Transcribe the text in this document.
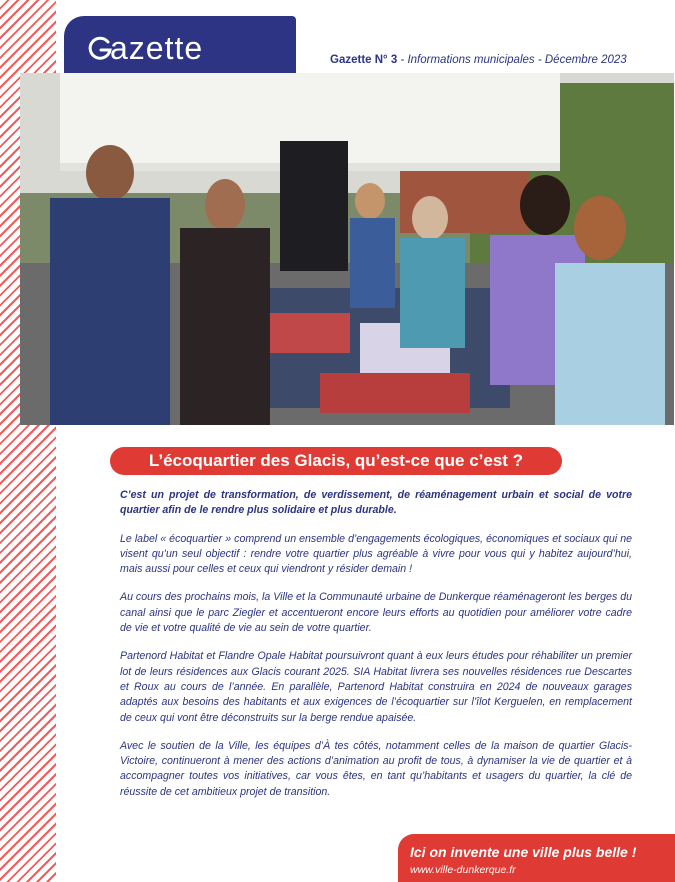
azette	Gazette N° 3 - Informations municipales - Décembre 2023
L’écoquartier des Glacis, qu’est-ce que c’est ?

C’est un projet de transformation, de verdissement, de réaménagement urbain et social de votre quartier afin de le rendre plus solidaire et plus durable.

Le label « écoquartier » comprend un ensemble d’engagements écologiques, économiques et sociaux qui ne visent qu’un seul objectif : rendre votre quartier plus agréable à vivre pour vous qui y habitez aujourd’hui, mais aussi pour celles et ceux qui viendront y résider demain !

Au cours des prochains mois, la Ville et la Communauté urbaine de Dunkerque réaménageront les berges du canal ainsi que le parc Ziegler et accentueront encore leurs efforts au quotidien pour améliorer votre cadre de vie et votre qualité de vie au sein de votre quartier.

Partenord Habitat et Flandre Opale Habitat poursuivront quant à eux leurs études pour réhabiliter un premier lot de leurs résidences aux Glacis courant 2025. SIA Habitat livrera ses nouvelles résidences rue Descartes et Roux au cours de l’année. En parallèle, Partenord Habitat construira en 2024 de nouveaux garages adaptés aux besoins des habitants et aux exigences de l’écoquartier sur l’îlot Kerguelen, en remplacement de ceux qui vont être déconstruits sur la berge rendue apaisée.

Avec le soutien de la Ville, les équipes d’À tes côtés, notamment celles de la maison de quartier Glacis-Victoire, continueront à mener des actions d’animation au profit de tous, à dynamiser la vie de quartier et à accompagner toutes vos initiatives, car vous êtes, en tant qu’habitants et usagers du quartier, la clé de réussite de cet ambitieux projet de transition.

Ici on invente une ville plus belle !
www.ville-dunkerque.fr
